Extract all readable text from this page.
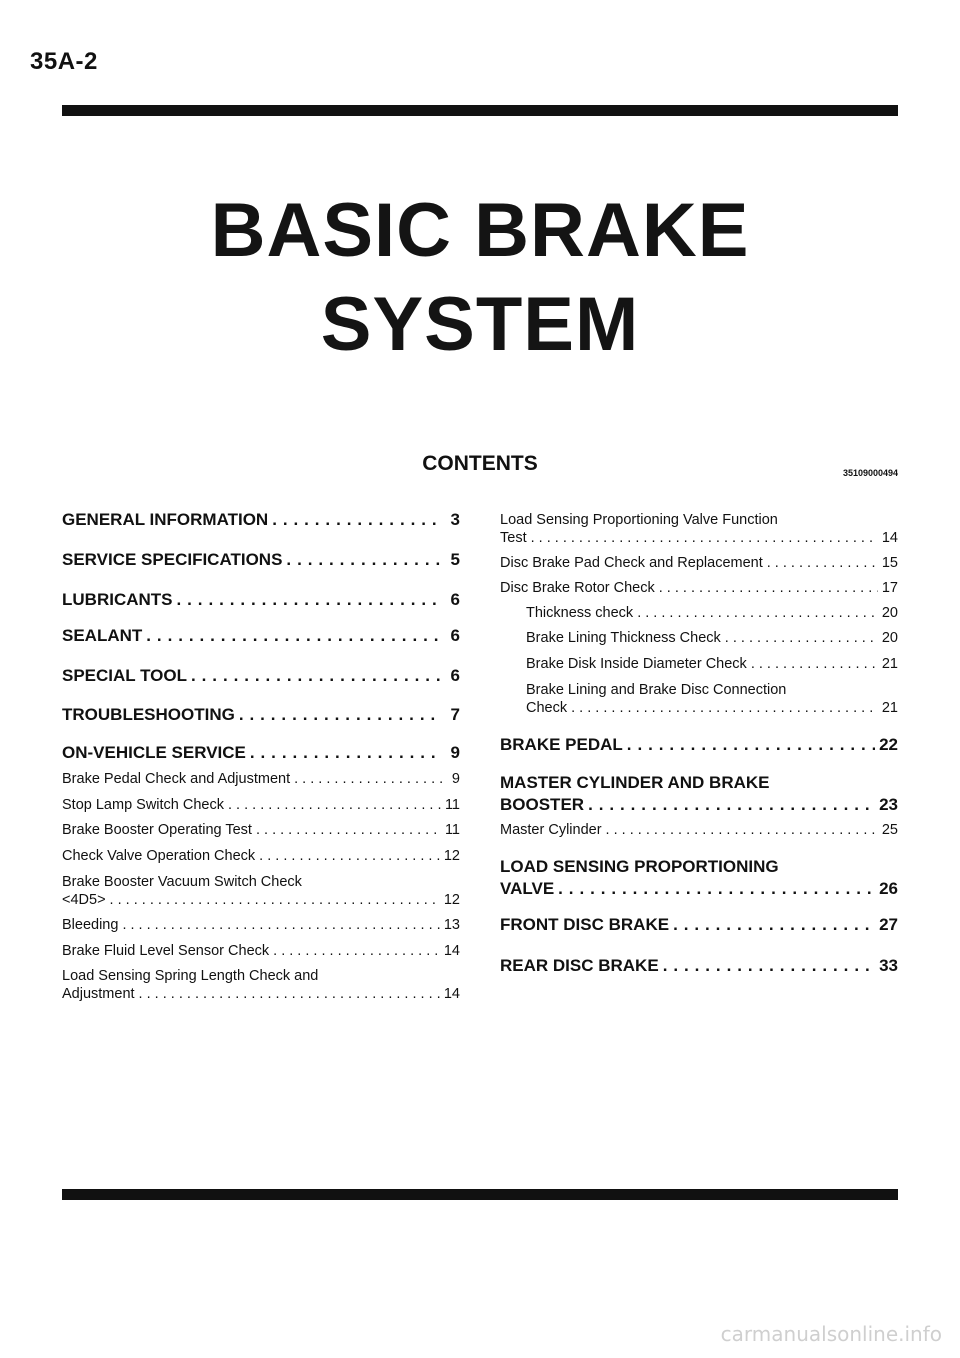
35A-2
BASIC BRAKE
SYSTEM
CONTENTS	35109000494
GENERAL INFORMATION . . .	3
SERVICE SPECIFICATIONS . . .	5
LUBRICANTS . . .	6
SEALANT . . .	6
SPECIAL TOOL . . .	6
TROUBLESHOOTING . . .	7
ON-VEHICLE SERVICE . . .	9
Brake Pedal Check and Adjustment . . .	9
Stop Lamp Switch Check . . .	11
Brake Booster Operating Test . . .	11
Check Valve Operation Check . . .	12
Brake Booster Vacuum Switch Check
<4D5> . . .	12
Bleeding . . .	13
Brake Fluid Level Sensor Check . . .	14
Load Sensing Spring Length Check and
Adjustment . . .	14
Load Sensing Proportioning Valve Function
Test . . .	14
Disc Brake Pad Check and Replacement . . .	15
Disc Brake Rotor Check . . .	17
Thickness check . . .	20
Brake Lining Thickness Check . . .	20
Brake Disk Inside Diameter Check . . .	21
Brake Lining and Brake Disc Connection
Check . . .	21
BRAKE PEDAL . . .	22
MASTER CYLINDER AND BRAKE
BOOSTER . . .	23
Master Cylinder . . .	25
LOAD SENSING PROPORTIONING
VALVE . . .	26
FRONT DISC BRAKE . . .	27
REAR DISC BRAKE . . .	33
carmanualsonline.info
